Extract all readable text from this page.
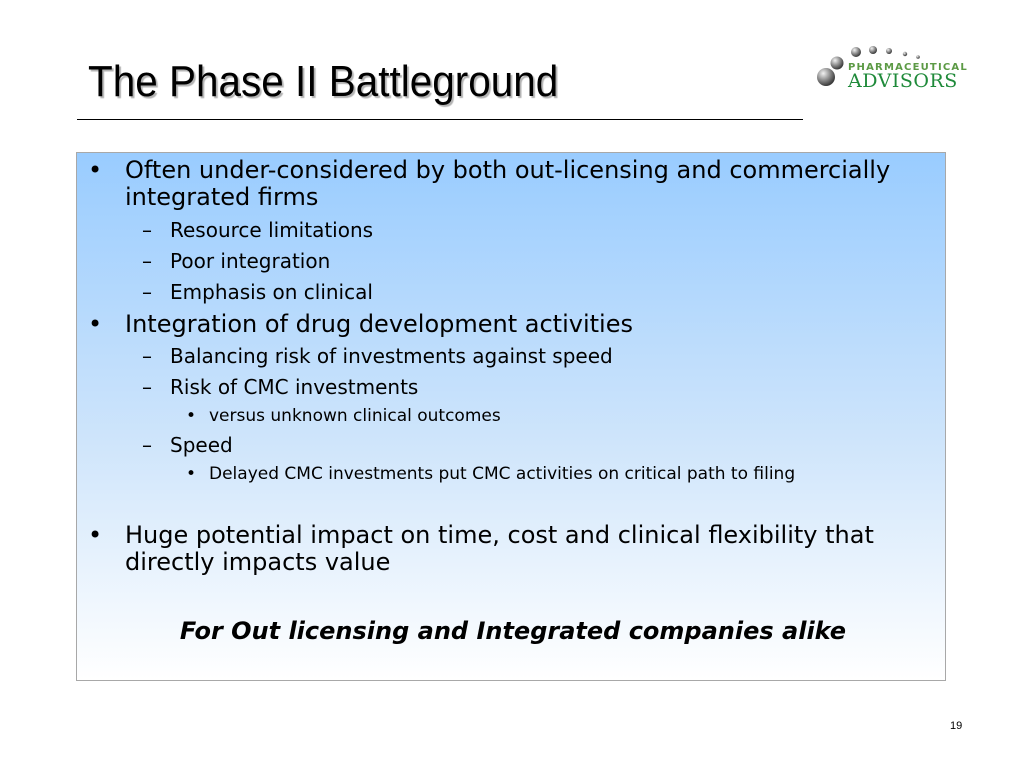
The Phase II Battleground	PHARMACEUTICAL
ADVISORS
• Often under-considered by both out-licensing and commercially
integrated firms
– Resource limitations
– Poor integration
– Emphasis on clinical
• Integration of drug development activities
– Balancing risk of investments against speed
– Risk of CMC investments
• versus unknown clinical outcomes
– Speed
• Delayed CMC investments put CMC activities on critical path to filing
• Huge potential impact on time, cost and clinical flexibility that
directly impacts value
For Out licensing and Integrated companies alike
19
